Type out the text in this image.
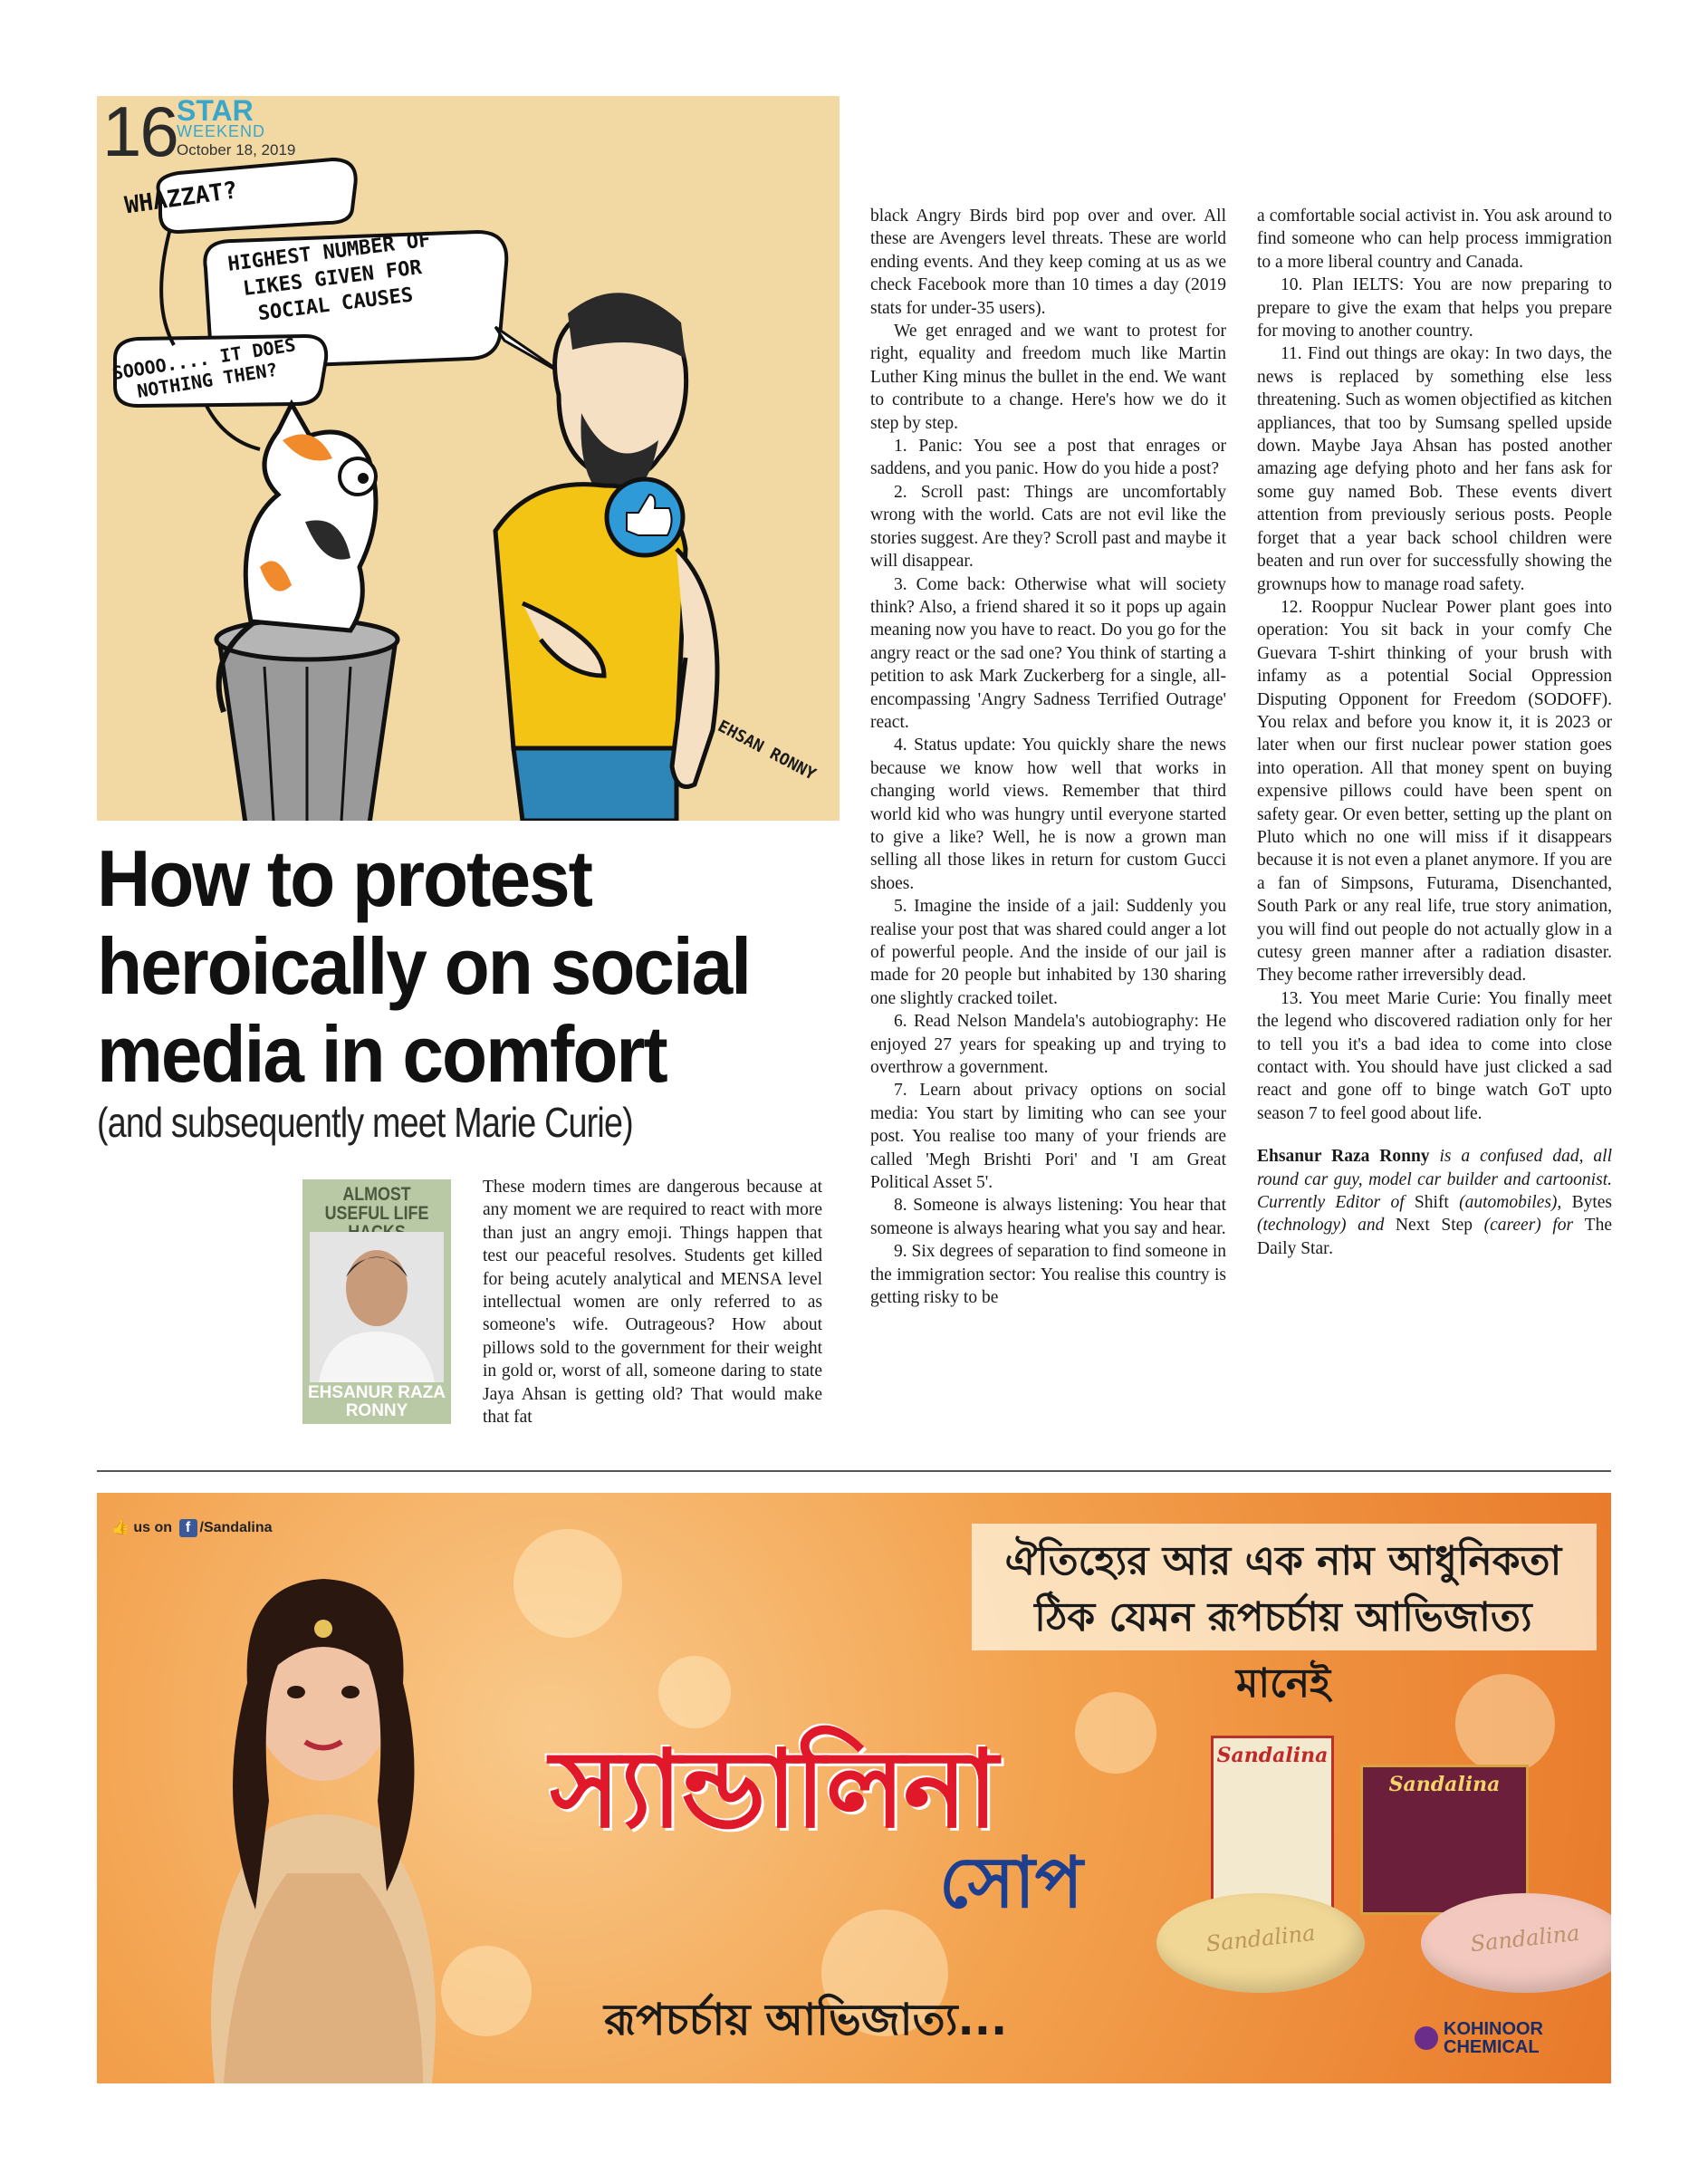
16 STAR
WEEKEND
October 18, 2019
WHAZZAT?
HIGHEST NUMBER OF LIKES GIVEN FOR SOCIAL CAUSES
SOOOO.... IT DOES NOTHING THEN?
EHSAN RONNY
How to protest heroically on social media in comfort
(and subsequently meet Marie Curie)
ALMOST USEFUL LIFE
EHSANUR RAZA RONNY

These modern times are dangerous because at any moment we are required to react with more than just an angry emoji. Things happen that test our peaceful resolves. Students get killed for being acutely analytical and MENSA level intellectual women are only referred to as someone's wife. Outrageous? How about pillows sold to the government for their weight in gold or, worst of all, someone daring to state Jaya Ahsan is getting old? That would make that fat

black Angry Birds bird pop over and over. All these are Avengers level threats. These are world ending events. And they keep coming at us as we check Facebook more than 10 times a day (2019 stats for under-35 users).

We get enraged and we want to protest for right, equality and freedom much like Martin Luther King minus the bullet in the end. We want to contribute to a change. Here's how we do it step by step.

1. Panic: You see a post that enrages or saddens, and you panic. How do you hide a post?

2. Scroll past: Things are uncomfortably wrong with the world. Cats are not evil like the stories suggest. Are they? Scroll past and maybe it will disappear.

3. Come back: Otherwise what will society think? Also, a friend shared it so it pops up again meaning now you have to react. Do you go for the angry react or the sad one? You think of starting a petition to ask Mark Zuckerberg for a single, all-encompassing 'Angry Sadness Terrified Outrage' react.

4. Status update: You quickly share the news because we know how well that works in changing world views. Remember that third world kid who was hungry until everyone started to give a like? Well, he is now a grown man selling all those likes in return for custom Gucci shoes.

5. Imagine the inside of a jail: Suddenly you realise your post that was shared could anger a lot of powerful people. And the inside of our jail is made for 20 people but inhabited by 130 sharing one slightly cracked toilet.

6. Read Nelson Mandela's autobiography: He enjoyed 27 years for speaking up and trying to overthrow a government.

7. Learn about privacy options on social media: You start by limiting who can see your post. You realise too many of your friends are called 'Megh Brishti Pori' and 'I am Great Political Asset 5'.

8. Someone is always listening: You hear that someone is always hearing what you say and hear.

9. Six degrees of separation to find someone in the immigration sector: You realise this country is getting risky to be

a comfortable social activist in. You ask around to find someone who can help process immigration to a more liberal country and Canada.

10. Plan IELTS: You are now preparing to prepare to give the exam that helps you prepare for moving to another country.

11. Find out things are okay: In two days, the news is replaced by something else less threatening. Such as women objectified as kitchen appliances, that too by Sumsang spelled upside down. Maybe Jaya Ahsan has posted another amazing age defying photo and her fans ask for some guy named Bob. These events divert attention from previously serious posts. People forget that a year back school children were beaten and run over for successfully showing the grownups how to manage road safety.

12. Rooppur Nuclear Power plant goes into operation: You sit back in your comfy Che Guevara T-shirt thinking of your brush with infamy as a potential Social Oppression Disputing Opponent for Freedom (SODOFF). You relax and before you know it, it is 2023 or later when our first nuclear power station goes into operation. All that money spent on buying expensive pillows could have been spent on safety gear. Or even better, setting up the plant on Pluto which no one will miss if it disappears because it is not even a planet anymore. If you are a fan of Simpsons, Futurama, Disenchanted, South Park or any real life, true story animation, you will find out people do not actually glow in a cutesy green manner after a radiation disaster. They become rather irreversibly dead.

13. You meet Marie Curie: You finally meet the legend who discovered radiation only for her to tell you it's a bad idea to come into close contact with. You should have just clicked a sad react and gone off to binge watch GoT upto season 7 to feel good about life.

Ehsanur Raza Ronny is a confused dad, all round car guy, model car builder and cartoonist. Currently Editor of Shift (automobiles), Bytes (technology) and Next Step (career) for The Daily Star.

👍 us on f /Sandalina
ঐতিহ্যের আর এক নাম আধুনিকতা
ঠিক যেমন রূপচর্চায় আভিজাত্য মানেই
স্যান্ডালিনা
সোপ
রূপচর্চায় আভিজাত্য...
Sandalina
Sandalina
Sandalina	Sandalina
KOHINOOR
CHEMICAL
